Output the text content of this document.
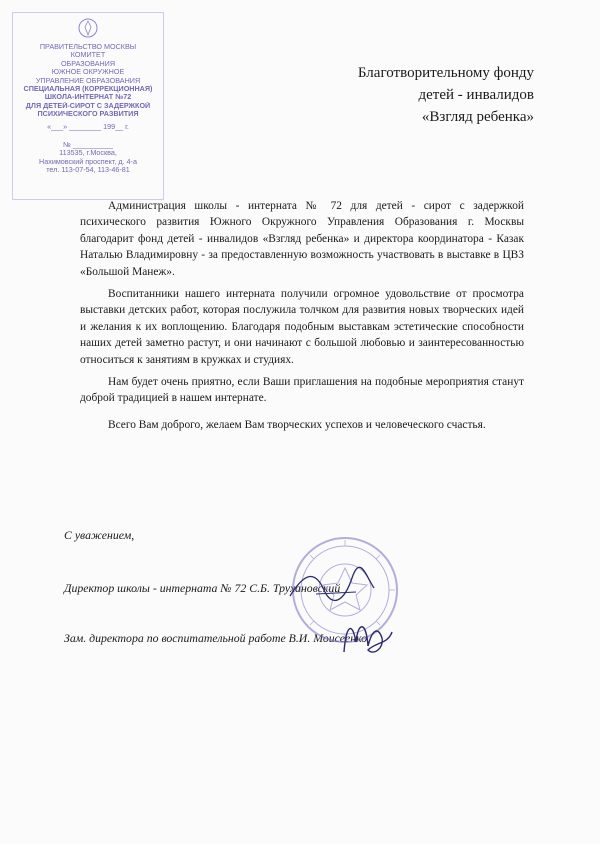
ПРАВИТЕЛЬСТВО МОСКВЫ
КОМИТЕТ
ОБРАЗОВАНИЯ
ЮЖНОЕ ОКРУЖНОЕ
УПРАВЛЕНИЕ ОБРАЗОВАНИЯ
СПЕЦИАЛЬНАЯ (КОРРЕКЦИОННАЯ)
ШКОЛА-ИНТЕРНАТ №72
ДЛЯ ДЕТЕЙ-СИРОТ С ЗАДЕРЖКОЙ
ПСИХИЧЕСКОГО РАЗВИТИЯ
«___» ________ 199__ г.
№ __________
113535, г.Москва,
Нахимовский проспект, д. 4-а
тел. 113-07-54, 113-46-81
Благотворительному фонду
детей - инвалидов
«Взгляд ребенка»

Администрация школы - интерната № 72 для детей - сирот с задержкой психического развития Южного Окружного Управления Образования г. Москвы благодарит фонд детей - инвалидов «Взгляд ребенка» и директора координатора - Казак Наталью Владимировну - за предоставленную возможность участвовать в выставке в ЦВЗ «Большой Манеж».

Воспитанники нашего интерната получили огромное удовольствие от просмотра выставки детских работ, которая послужила толчком для развития новых творческих идей и желания к их воплощению. Благодаря подобным выставкам эстетические способности наших детей заметно растут, и они начинают с большой любовью и заинтересованностью относиться к занятиям в кружках и студиях.

Нам будет очень приятно, если Ваши приглашения на подобные мероприятия станут доброй традицией в нашем интернате.

Всего Вам доброго, желаем Вам творческих успехов и человеческого счастья.

С уважением,
Директор школы - интерната № 72 С.Б. Трухановский
Зам. директора по воспитательной работе В.И. Моисеенко
